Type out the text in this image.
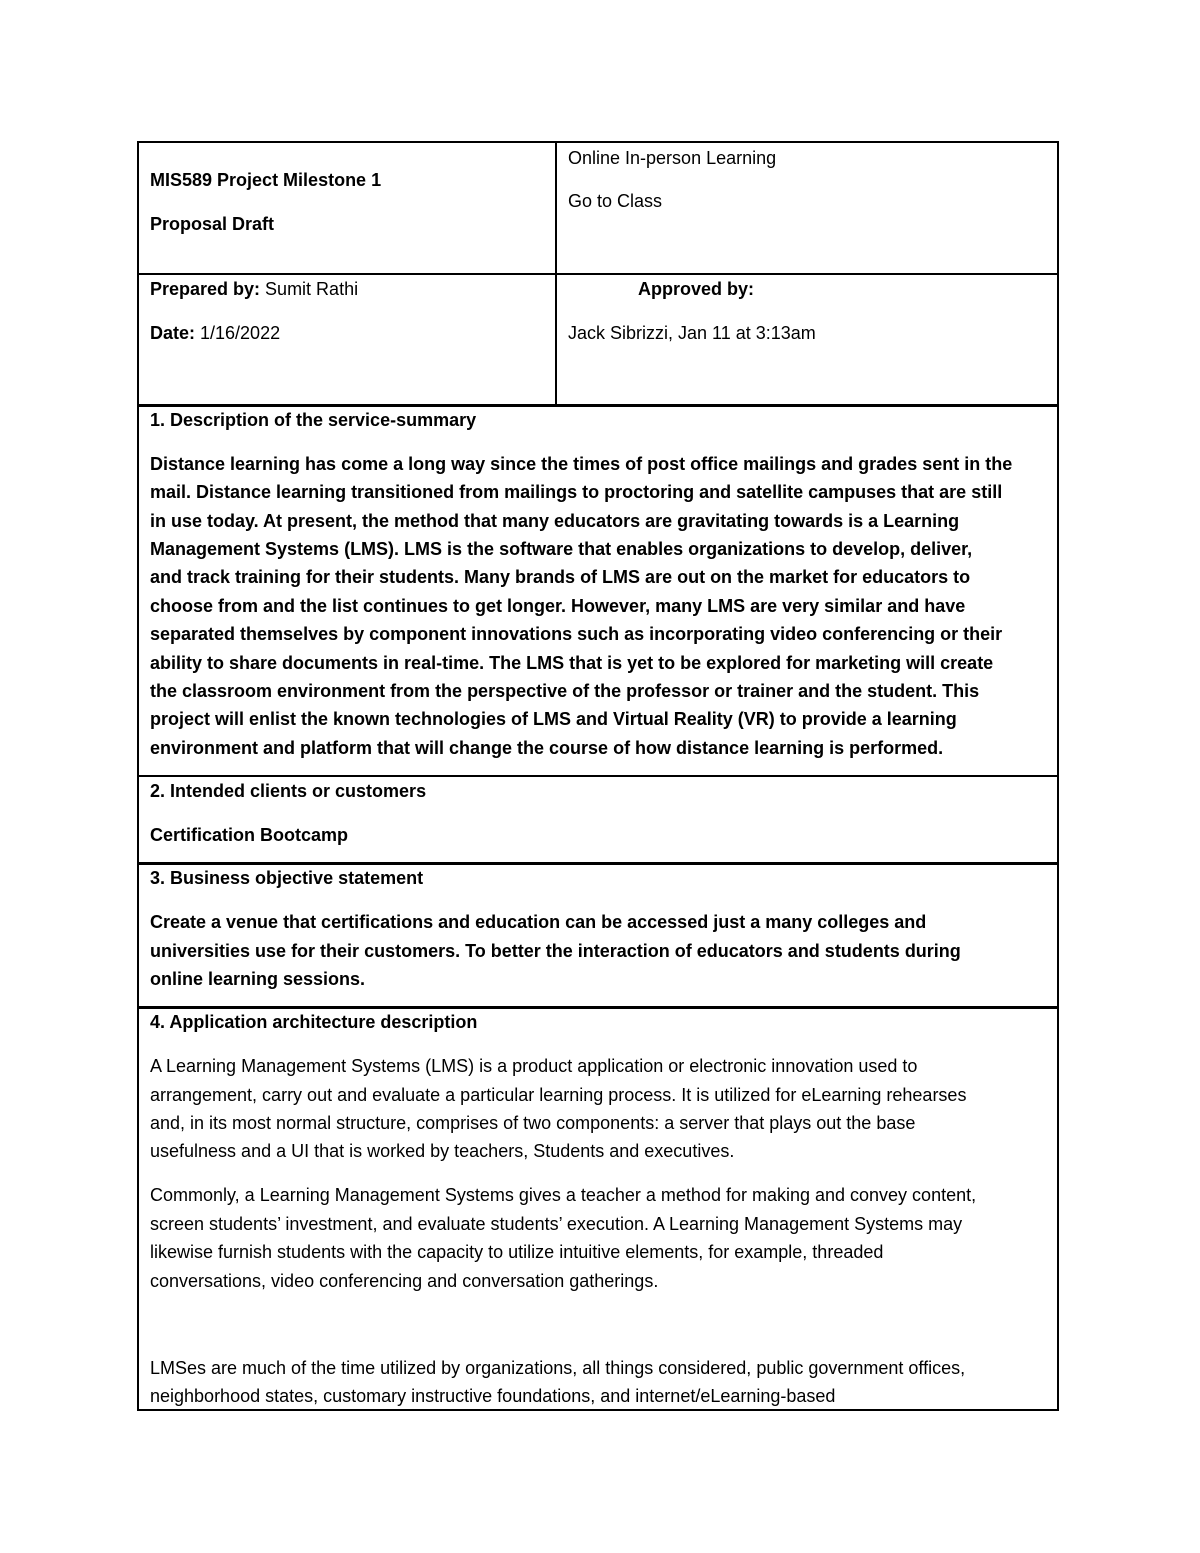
MIS589 Project Milestone 1
Proposal Draft
Online In-person Learning
Go to Class
Prepared by: Sumit Rathi
Date: 1/16/2022
Approved by:
Jack Sibrizzi, Jan 11 at 3:13am
1. Description of the service-summary
Distance learning has come a long way since the times of post office mailings and grades sent in the
mail. Distance learning transitioned from mailings to proctoring and satellite campuses that are still
in use today. At present, the method that many educators are gravitating towards is a Learning
Management Systems (LMS). LMS is the software that enables organizations to develop, deliver,
and track training for their students. Many brands of LMS are out on the market for educators to
choose from and the list continues to get longer. However, many LMS are very similar and have
separated themselves by component innovations such as incorporating video conferencing or their
ability to share documents in real-time. The LMS that is yet to be explored for marketing will create
the classroom environment from the perspective of the professor or trainer and the student. This
project will enlist the known technologies of LMS and Virtual Reality (VR) to provide a learning
environment and platform that will change the course of how distance learning is performed.
2. Intended clients or customers
Certification Bootcamp
3. Business objective statement
Create a venue that certifications and education can be accessed just a many colleges and
universities use for their customers. To better the interaction of educators and students during
online learning sessions.
4. Application architecture description
A Learning Management Systems (LMS) is a product application or electronic innovation used to
arrangement, carry out and evaluate a particular learning process. It is utilized for eLearning rehearses
and, in its most normal structure, comprises of two components: a server that plays out the base
usefulness and a UI that is worked by teachers, Students and executives.
Commonly, a Learning Management Systems gives a teacher a method for making and convey content,
screen students’ investment, and evaluate students’ execution. A Learning Management Systems may
likewise furnish students with the capacity to utilize intuitive elements, for example, threaded
conversations, video conferencing and conversation gatherings.
LMSes are much of the time utilized by organizations, all things considered, public government offices,
neighborhood states, customary instructive foundations, and internet/eLearning-based
